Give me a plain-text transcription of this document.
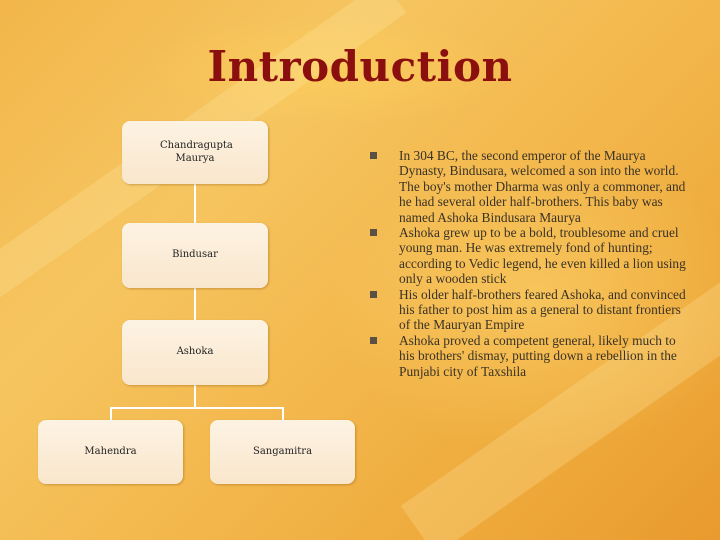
Introduction
Chandragupta Maurya
Bindusar
Ashoka
Mahendra	Sangamitra
In 304 BC, the second emperor of the Maurya Dynasty, Bindusara, welcomed a son into the world. The boy's mother Dharma was only a commoner, and he had several older half-brothers. This baby was named Ashoka Bindusara Maurya
Ashoka grew up to be a bold, troublesome and cruel young man. He was extremely fond of hunting; according to Vedic legend, he even killed a lion using only a wooden stick
His older half-brothers feared Ashoka, and convinced his father to post him as a general to distant frontiers of the Mauryan Empire
Ashoka proved a competent general, likely much to his brothers' dismay, putting down a rebellion in the Punjabi city of Taxshila
